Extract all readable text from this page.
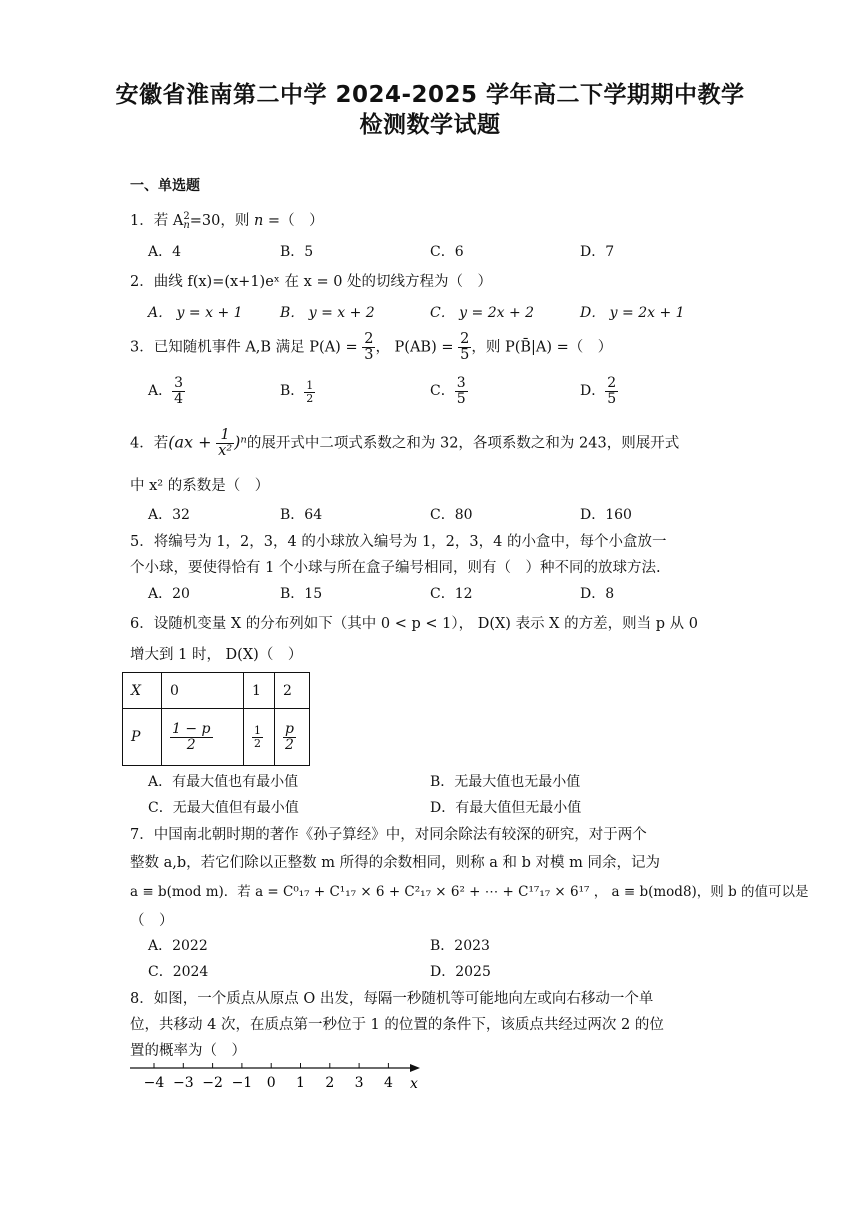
安徽省淮南第二中学 2024-2025 学年高二下学期期中教学
检测数学试题
一、单选题
1．若 A 2
n =30，则 n =（　）
A．4	B．5	C．6	D．7
2．曲线 f(x)=(x+1)eˣ 在 x = 0 处的切线方程为（　）
A． y = x + 1	B． y = x + 2	C． y = 2x + 2	D． y = 2x + 1
3．已知随机事件 A,B 满足 $P(A) = \frac{2}{3}$ ， $P(AB) = \frac{2}{5}$ ，则 P(B̄|A) =（　）
A． $\frac{3}{4}$	B． $\frac{1}{2}$	C． $\frac{3}{5}$	D． $\frac{2}{5}$
4．若$(ax + \frac{1}{\text{x²}} )^n$的展开式中二项式系数之和为 32，各项系数之和为 243，则展开式
中 x² 的系数是（　）
A．32	B．64	C．80	D．160
5．将编号为 1，2，3，4 的小球放入编号为 1，2，3，4 的小盒中，每个小盒放一
个小球，要使得恰有 1 个小球与所在盒子编号相同，则有（　）种不同的放球方法.
A．20	B．15	C．12	D．8
6．设随机变量 X 的分布列如下（其中 0 < p < 1）， D(X) 表示 X 的方差，则当 p 从 0
增大到 1 时， D(X)（　）
X	0	1	2
P	$\frac{1 - p}{2}$	$\frac{1}{2}$	$\frac{p}{2}$
A．有最大值也有最小值	B．无最大值也无最小值
C．无最大值但有最小值	D．有最大值但无最小值
7．中国南北朝时期的著作《孙子算经》中，对同余除法有较深的研究，对于两个
整数 a,b，若它们除以正整数 m 所得的余数相同，则称 a 和 b 对模 m 同余，记为
a ≡ b(mod m)．若 a = C⁰₁₇ + C¹₁₇ × 6 + C²₁₇ × 6² + ⋯ + C¹⁷₁₇ × 6¹⁷ ， a ≡ b(mod8)，则 b 的值可以是
（　）
A．2022	B．2023
C．2024	D．2025
8．如图，一个质点从原点 O 出发，每隔一秒随机等可能地向左或向右移动一个单
位，共移动 4 次，在质点第一秒位于 1 的位置的条件下，该质点共经过两次 2 的位
置的概率为（　）
−4 −3 −2 −1 0 1 2 3 4 x
